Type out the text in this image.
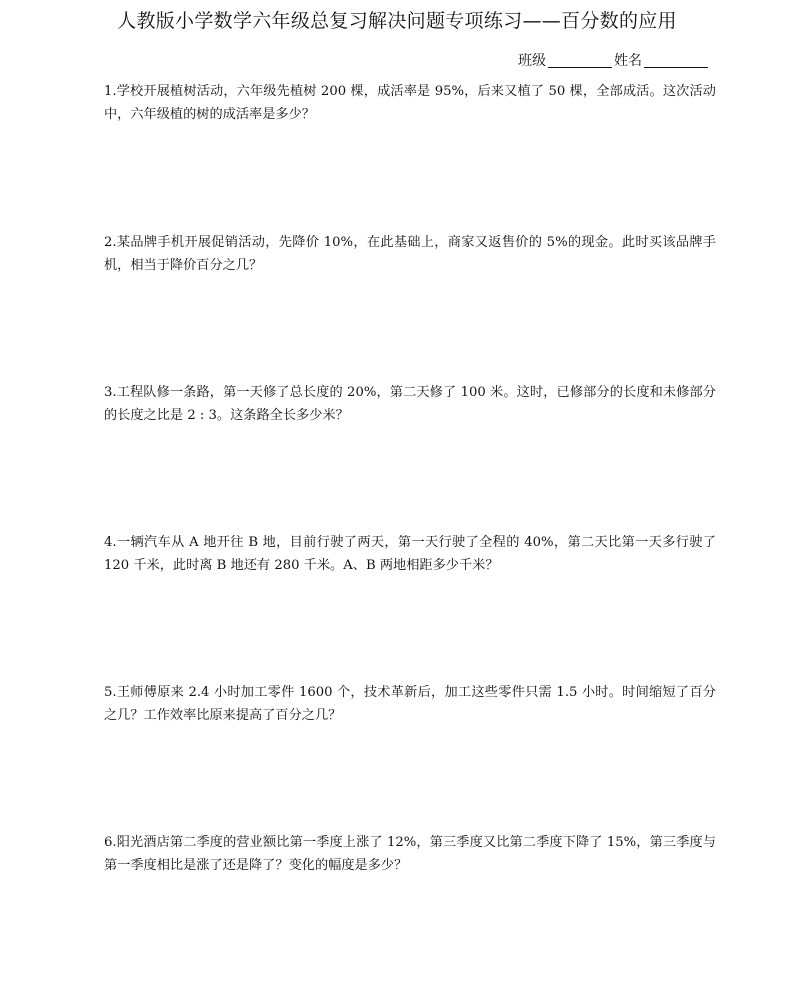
人教版小学数学六年级总复习解决问题专项练习——百分数的应用
班级	姓名
1.学校开展植树活动，六年级先植树 200 棵，成活率是 95%，后来又植了 50 棵，全部成活。这次活动中，六年级植的树的成活率是多少？
2.某品牌手机开展促销活动，先降价 10%，在此基础上，商家又返售价的 5%的现金。此时买该品牌手机，相当于降价百分之几？
3.工程队修一条路，第一天修了总长度的 20%，第二天修了 100 米。这时，已修部分的长度和未修部分的长度之比是 2 : 3。这条路全长多少米？
4.一辆汽车从 A 地开往 B 地，目前行驶了两天，第一天行驶了全程的 40%，第二天比第一天多行驶了 120 千米，此时离 B 地还有 280 千米。A、B 两地相距多少千米？
5.王师傅原来 2.4 小时加工零件 1600 个，技术革新后，加工这些零件只需 1.5 小时。时间缩短了百分之几？工作效率比原来提高了百分之几？
6.阳光酒店第二季度的营业额比第一季度上涨了 12%，第三季度又比第二季度下降了 15%，第三季度与第一季度相比是涨了还是降了？变化的幅度是多少？
